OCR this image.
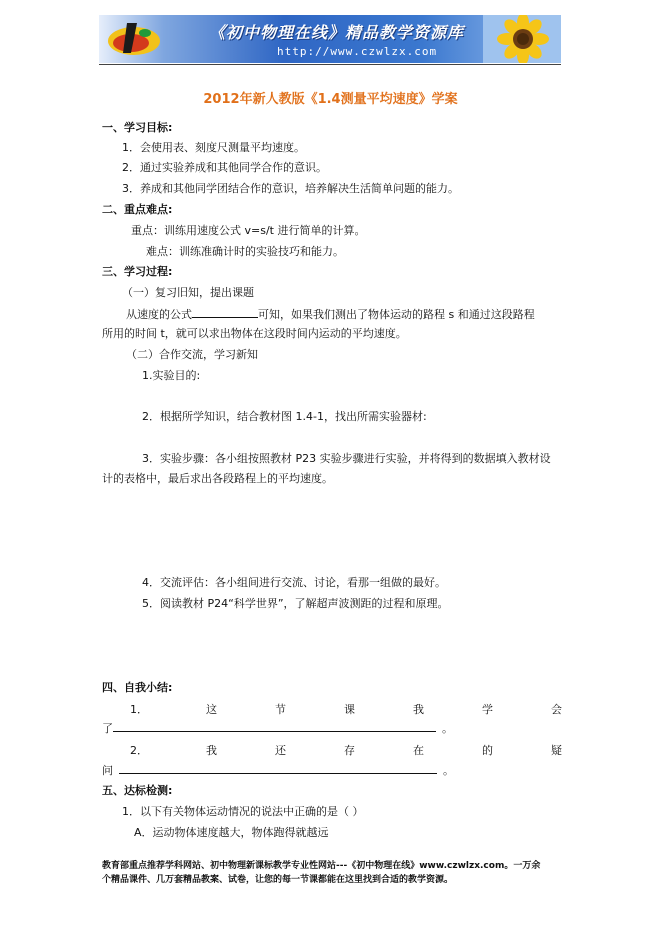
《初中物理在线》精品教学资源库
http://www.czwlzx.com
2012年新人教版《1.4测量平均速度》学案
一、学习目标:
1．会使用表、刻度尺测量平均速度。
2．通过实验养成和其他同学合作的意识。
3．养成和其他同学团结合作的意识，培养解决生活简单问题的能力。
二、重点难点:
重点：训练用速度公式 v=s/t 进行简单的计算。
难点：训练准确计时的实验技巧和能力。
三、学习过程:
（一）复习旧知，提出课题
从速度的公式	可知，如果我们测出了物体运动的路程 s 和通过这段路程
所用的时间 t，就可以求出物体在这段时间内运动的平均速度。
（二）合作交流，学习新知
1.实验目的:
2．根据所学知识，结合教材图 1.4-1，找出所需实验器材:
3．实验步骤：各小组按照教材 P23 实验步骤进行实验，并将得到的数据填入教材设
计的表格中，最后求出各段路程上的平均速度。
4．交流评估：各小组间进行交流、讨论，看那一组做的最好。
5．阅读教材 P24“科学世界”，了解超声波测距的过程和原理。
四、自我小结:
1．	这	节	课	我	学	会
了	。
2．	我	还	存	在	的	疑
问	。
五、达标检测:
1．以下有关物体运动情况的说法中正确的是（ ）
A．运动物体速度越大，物体跑得就越远
教育部重点推荐学科网站、初中物理新课标教学专业性网站---《初中物理在线》www.czwlzx.com。一万余
个精品课件、几万套精品教案、试卷，让您的每一节课都能在这里找到合适的教学资源。
